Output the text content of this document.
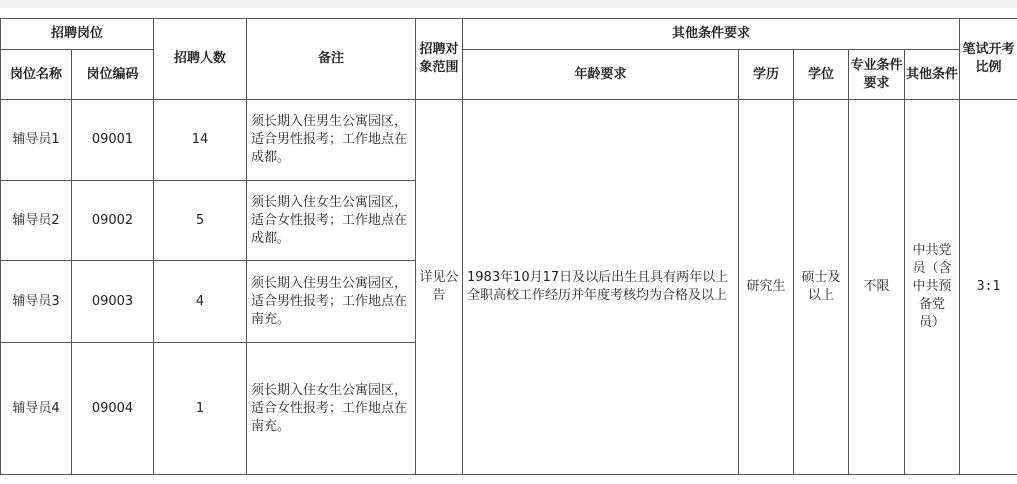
招聘岗位		招聘人数	备注	招聘对象范围	其他条件要求					笔试开考比例
岗位名称	岗位编码				年龄要求	学历	学位	专业条件要求	其他条件	
辅导员1	09001	14	须长期入住男生公寓园区，适合男性报考；工作地点在成都。	详见公告	1983年10月17日及以后出生且具有两年以上全职高校工作经历并年度考核均为合格及以上	研究生	硕士及以上	不限	中共党员（含中共预备党员）	3:1
辅导员2	09002	5	须长期入住女生公寓园区，适合女性报考；工作地点在成都。							
辅导员3	09003	4	须长期入住男生公寓园区，适合男性报考；工作地点在南充。							
辅导员4	09004	1	须长期入住女生公寓园区，适合女性报考；工作地点在南充。							
